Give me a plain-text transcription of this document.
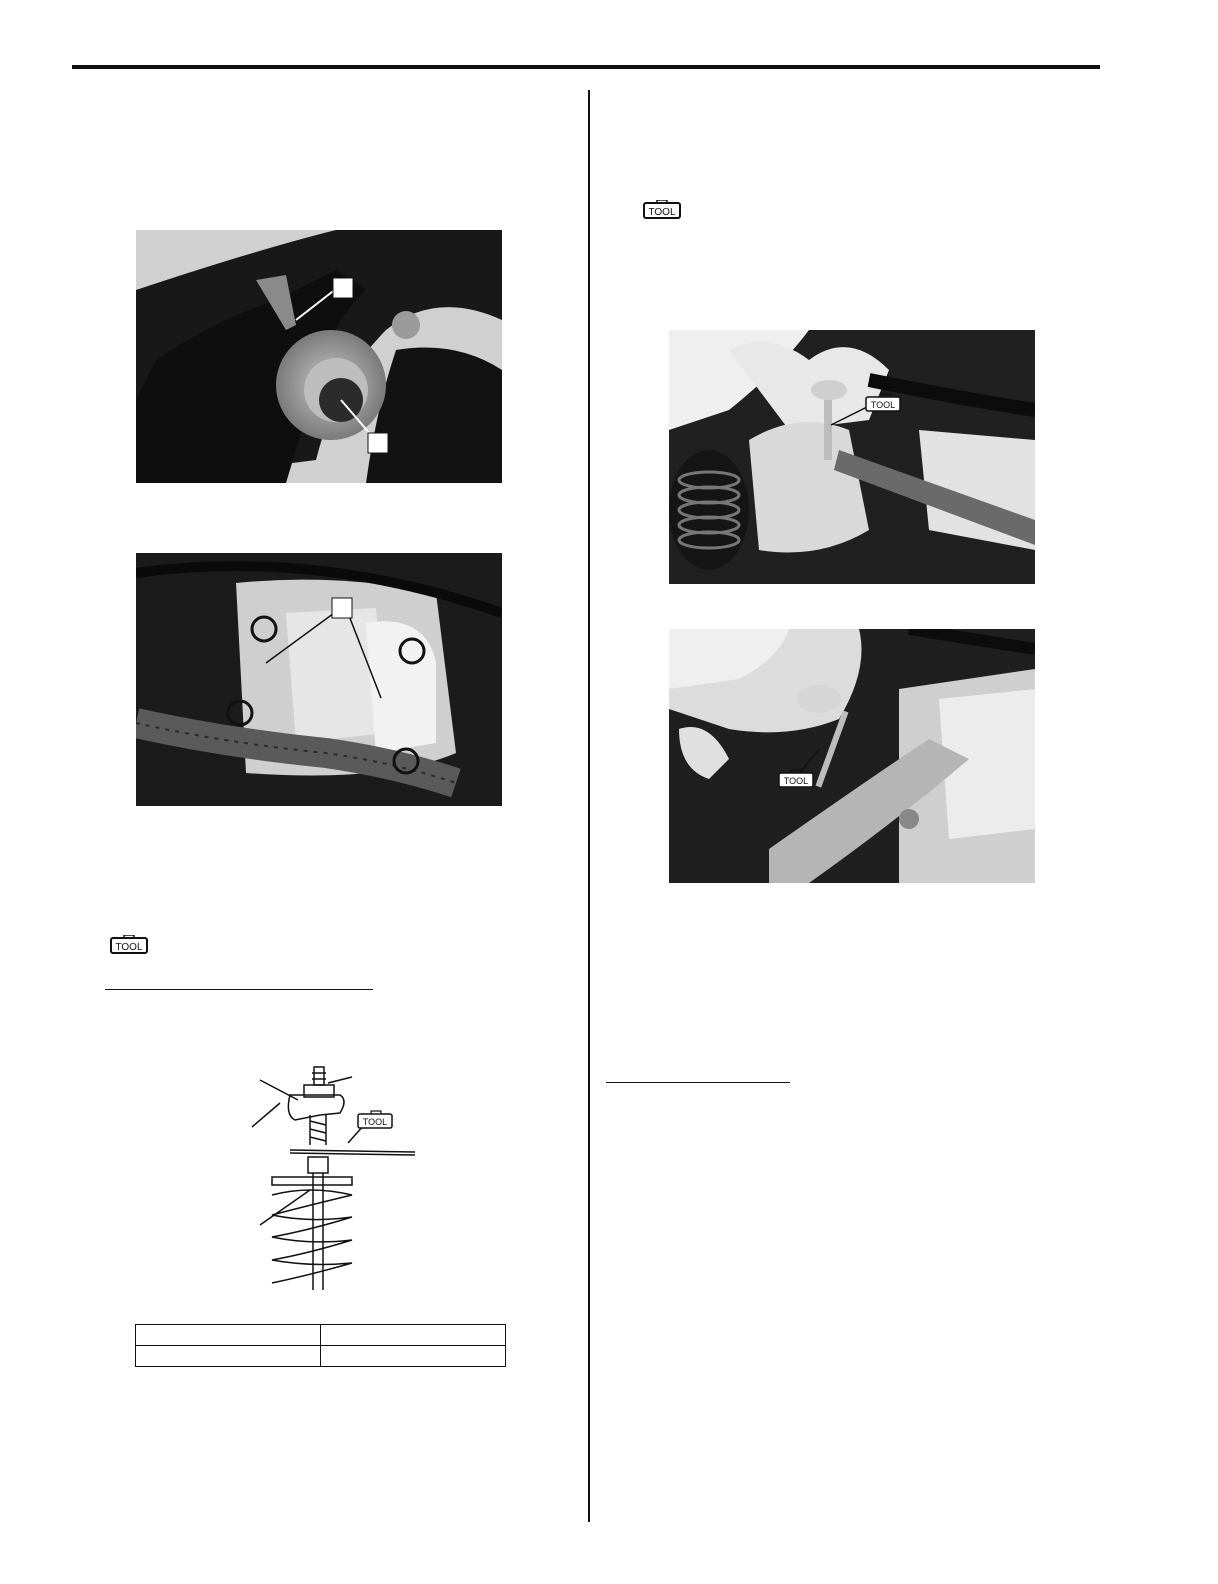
TOOL
TOOL

TOOL
TOOL
TOOL
